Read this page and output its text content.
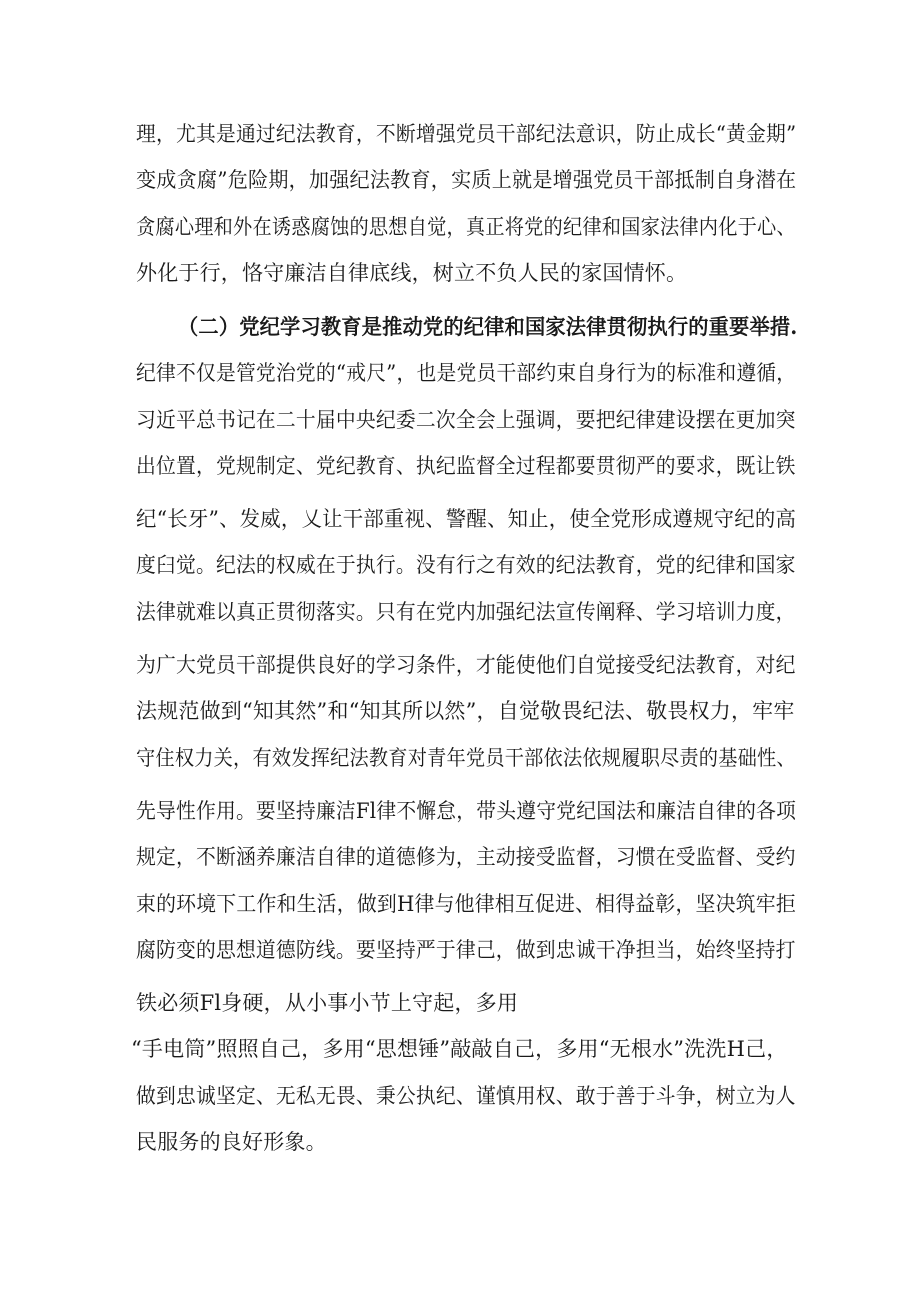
理，尤其是通过纪法教育，不断增强党员干部纪法意识，防止成长“黄金期”
变成贪腐”危险期，加强纪法教育，实质上就是增强党员干部抵制自身潜在
贪腐心理和外在诱惑腐蚀的思想自觉，真正将党的纪律和国家法律内化于心、
外化于行，恪守廉洁自律底线，树立不负人民的家国情怀。
（二）党纪学习教育是推动党的纪律和国家法律贯彻执行的重要举措.
纪律不仅是管党治党的“戒尺”，也是党员干部约束自身行为的标准和遵循，
习近平总书记在二十届中央纪委二次全会上强调，要把纪律建设摆在更加突
出位置，党规制定、党纪教育、执纪监督全过程都要贯彻严的要求，既让铁
纪“长牙”、发威，乂让干部重视、警醒、知止，使全党形成遵规守纪的高
度臼觉。纪法的权威在于执行。没有行之有效的纪法教育，党的纪律和国家
法律就难以真正贯彻落实。只有在党内加强纪法宣传阐释、学习培训力度，
为广大党员干部提供良好的学习条件，才能使他们自觉接受纪法教育，对纪
法规范做到“知其然”和“知其所以然”，自觉敬畏纪法、敬畏权力，牢牢
守住权力关，有效发挥纪法教育对青年党员干部依法依规履职尽责的基础性、
先导性作用。要坚持廉洁Fl律不懈怠，带头遵守党纪国法和廉洁自律的各项
规定，不断涵养廉洁自律的道德修为，主动接受监督，习惯在受监督、受约
束的环境下工作和生活，做到H律与他律相互促进、相得益彰，坚决筑牢拒
腐防变的思想道德防线。要坚持严于律己，做到忠诚干净担当，始终坚持打
铁必须Fl身硬，从小事小节上守起，多用
“手电筒”照照自己，多用“思想锤”敲敲自己，多用“无根水”洗洗H己，
做到忠诚坚定、无私无畏、秉公执纪、谨慎用权、敢于善于斗争，树立为人
民服务的良好形象。
